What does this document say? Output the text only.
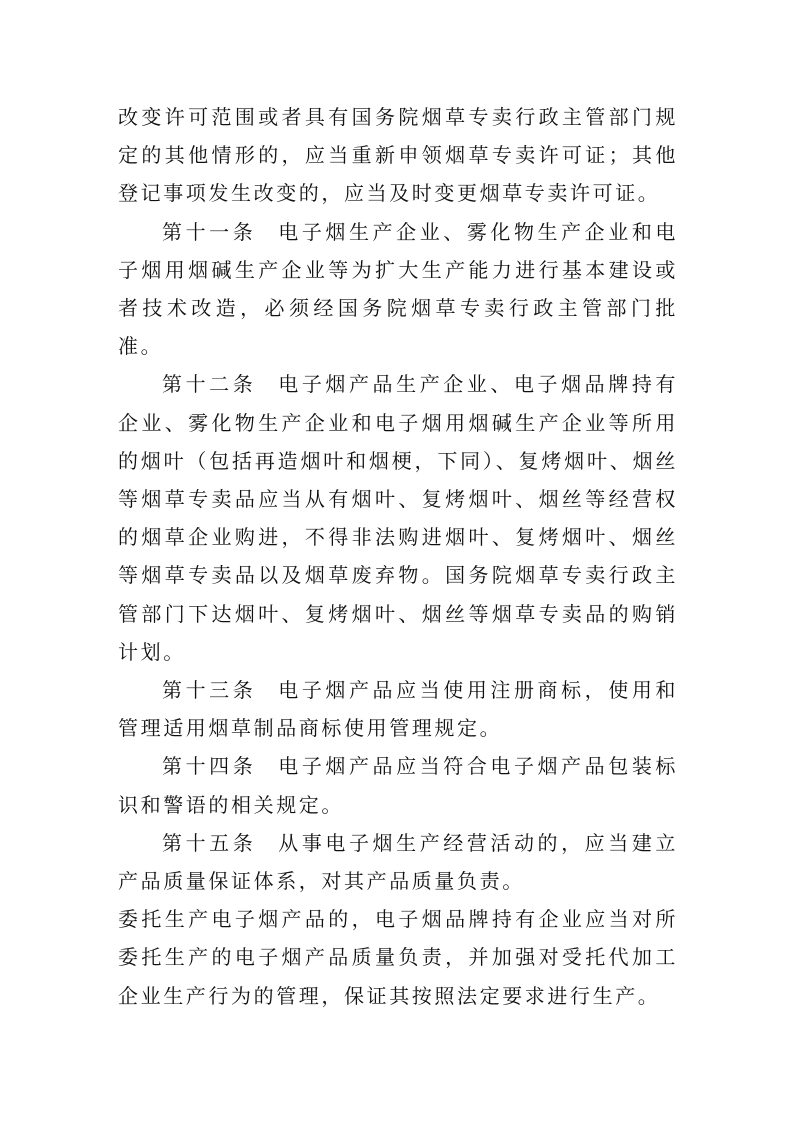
改变许可范围或者具有国务院烟草专卖行政主管部门规定的其他情形的，应当重新申领烟草专卖许可证；其他登记事项发生改变的，应当及时变更烟草专卖许可证。

第十一条 电子烟生产企业、雾化物生产企业和电子烟用烟碱生产企业等为扩大生产能力进行基本建设或者技术改造，必须经国务院烟草专卖行政主管部门批准。

第十二条 电子烟产品生产企业、电子烟品牌持有企业、雾化物生产企业和电子烟用烟碱生产企业等所用的烟叶（包括再造烟叶和烟梗，下同）、复烤烟叶、烟丝等烟草专卖品应当从有烟叶、复烤烟叶、烟丝等经营权的烟草企业购进，不得非法购进烟叶、复烤烟叶、烟丝等烟草专卖品以及烟草废弃物。国务院烟草专卖行政主管部门下达烟叶、复烤烟叶、烟丝等烟草专卖品的购销计划。

第十三条 电子烟产品应当使用注册商标，使用和管理适用烟草制品商标使用管理规定。

第十四条 电子烟产品应当符合电子烟产品包装标识和警语的相关规定。

第十五条 从事电子烟生产经营活动的，应当建立产品质量保证体系，对其产品质量负责。

委托生产电子烟产品的，电子烟品牌持有企业应当对所委托生产的电子烟产品质量负责，并加强对受托代加工企业生产行为的管理，保证其按照法定要求进行生产。
